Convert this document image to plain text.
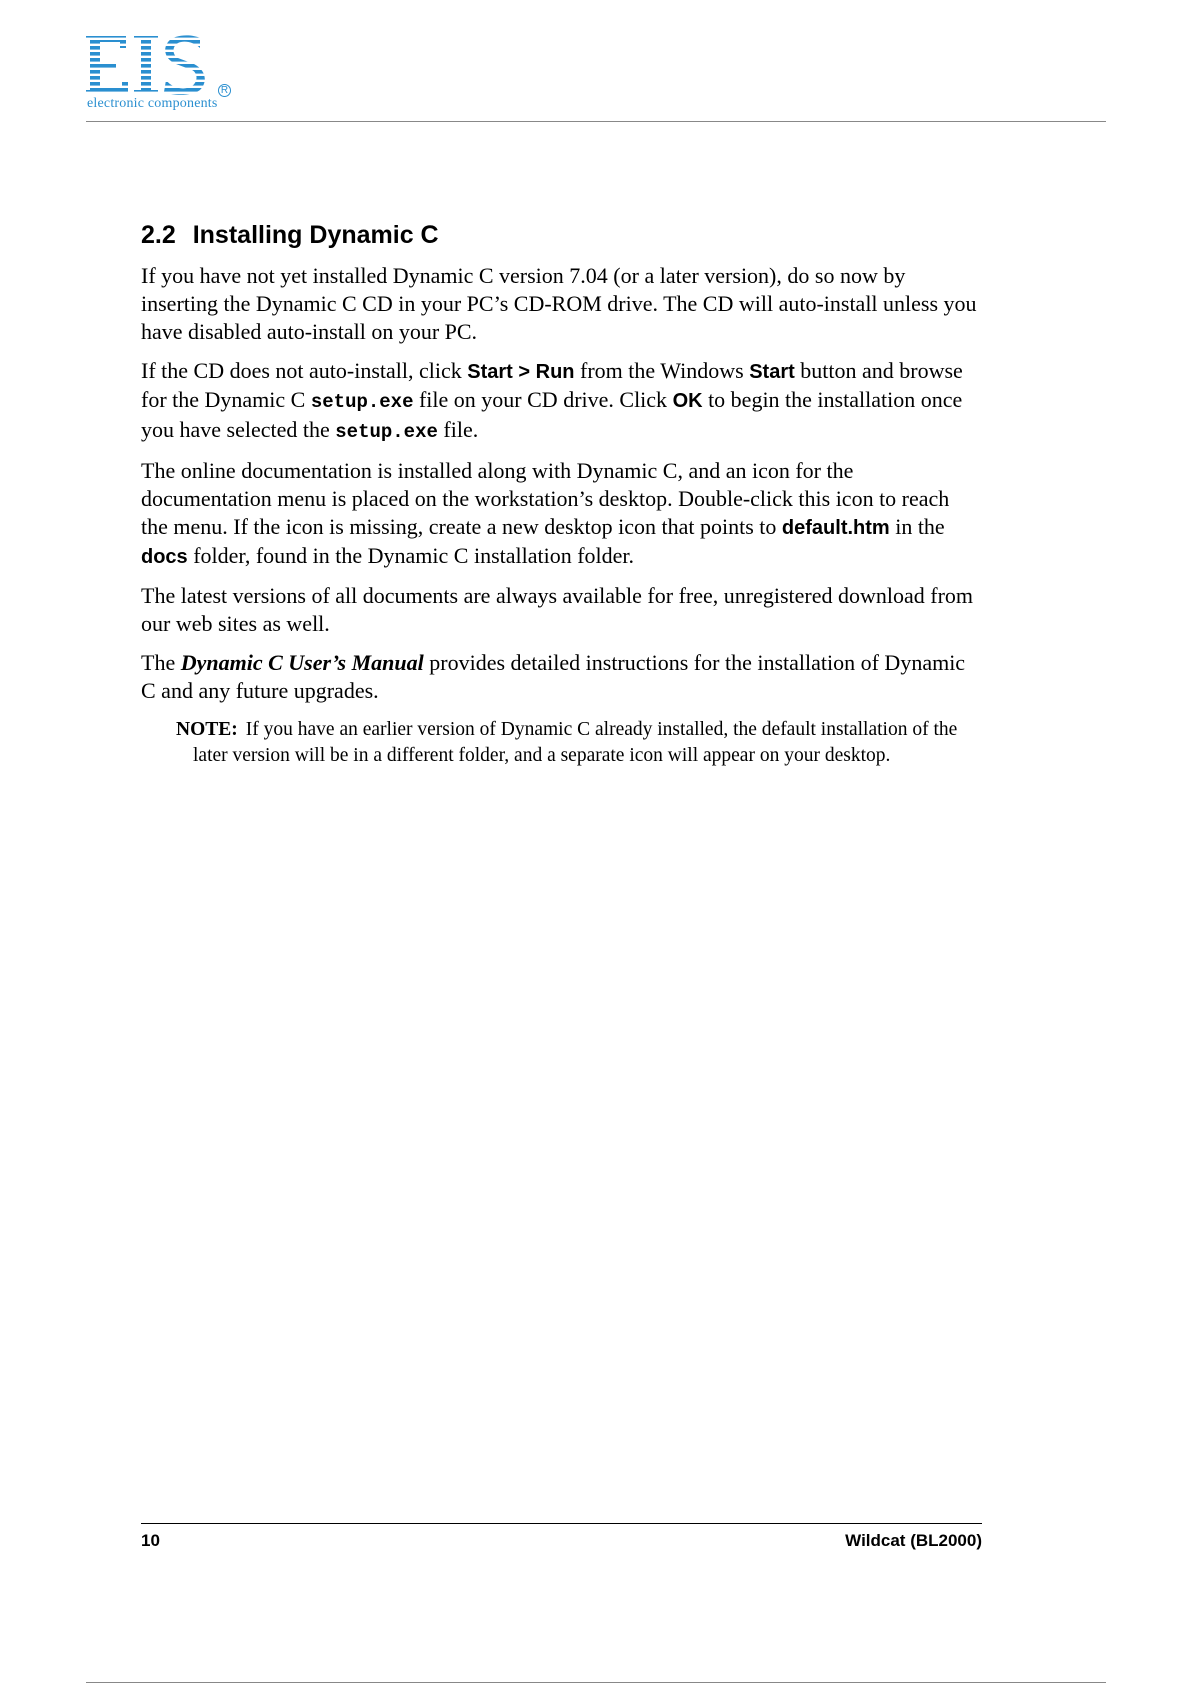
electronic components
R
2.2 Installing Dynamic C

If you have not yet installed Dynamic C version 7.04 (or a later version), do so now by inserting the Dynamic C CD in your PC’s CD-ROM drive. The CD will auto-install unless you have disabled auto-install on your PC.

If the CD does not auto-install, click Start > Run from the Windows Start button and browse for the Dynamic C setup.exe file on your CD drive. Click OK to begin the installation once you have selected the setup.exe file.

The online documentation is installed along with Dynamic C, and an icon for the documentation menu is placed on the workstation’s desktop. Double-click this icon to reach the menu. If the icon is missing, create a new desktop icon that points to default.htm in the docs folder, found in the Dynamic C installation folder.

The latest versions of all documents are always available for free, unregistered download from our web sites as well.

The Dynamic C User’s Manual provides detailed instructions for the installation of Dynamic C and any future upgrades.

NOTE: If you have an earlier version of Dynamic C already installed, the default installation of the later version will be in a different folder, and a separate icon will appear on your desktop.
10	Wildcat (BL2000)
